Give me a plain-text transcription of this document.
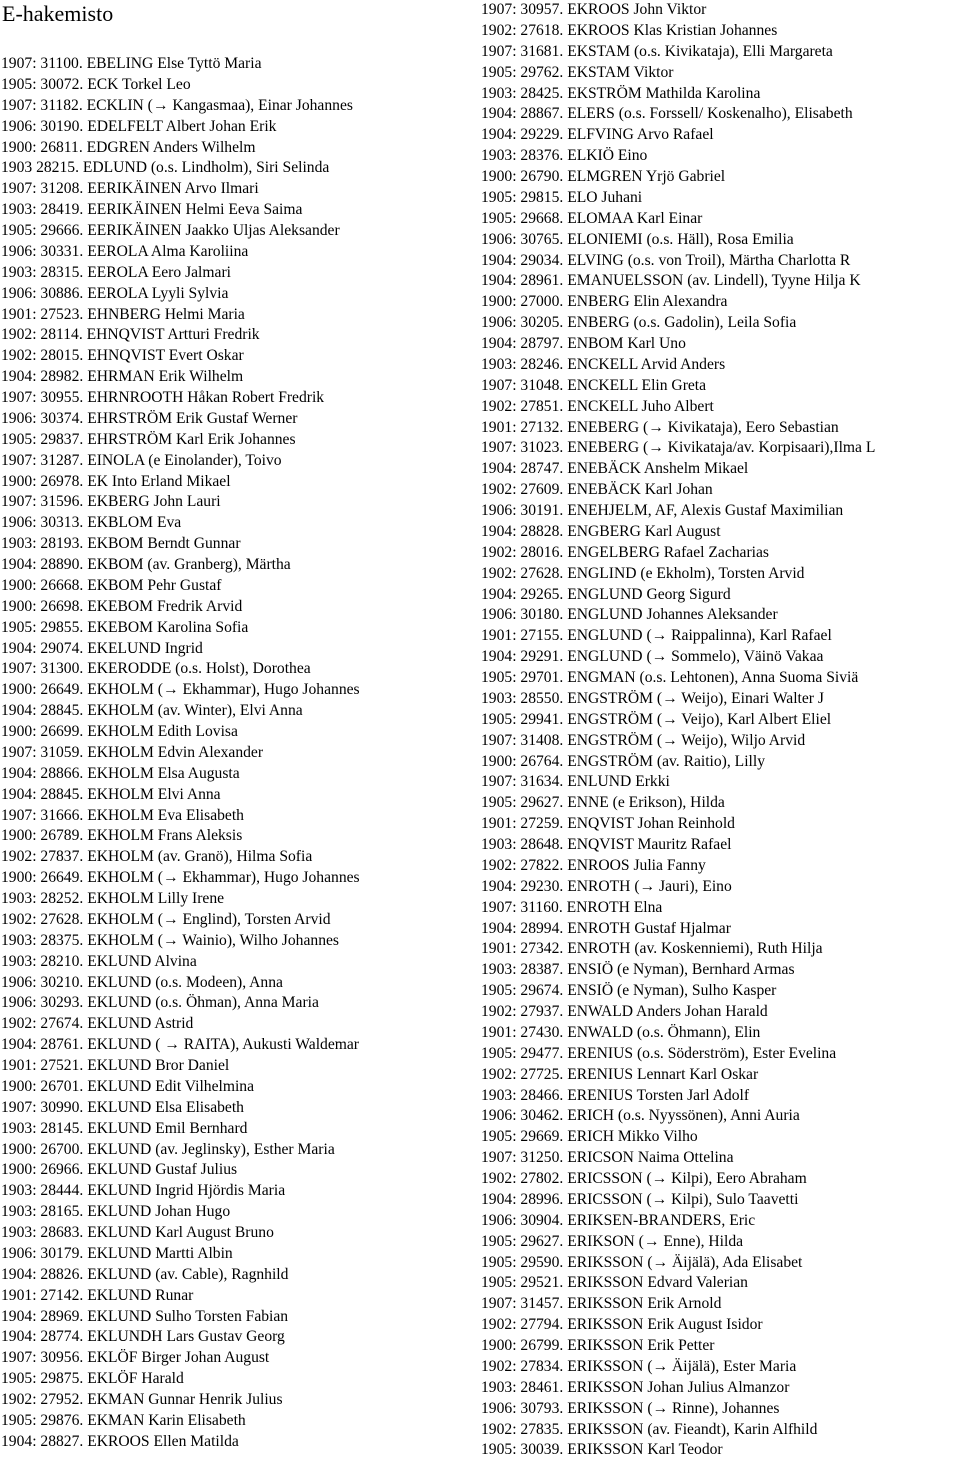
E-hakemisto
1907: 31100. EBELING Else Tyttö Maria
1905: 30072. ECK Torkel Leo
1907: 31182. ECKLIN (→ Kangasmaa), Einar Johannes
1906: 30190. EDELFELT Albert Johan Erik
1900: 26811. EDGREN Anders Wilhelm
1903 28215. EDLUND (o.s. Lindholm), Siri Selinda
1907: 31208. EERIKÄINEN Arvo Ilmari
1903: 28419. EERIKÄINEN Helmi Eeva Saima
1905: 29666. EERIKÄINEN Jaakko Uljas Aleksander
1906: 30331. EEROLA Alma Karoliina
1903: 28315. EEROLA Eero Jalmari
1906: 30886. EEROLA Lyyli Sylvia
1901: 27523. EHNBERG Helmi Maria
1902: 28114. EHNQVIST Artturi Fredrik
1902: 28015. EHNQVIST Evert Oskar
1904: 28982. EHRMAN Erik Wilhelm
1907: 30955. EHRNROOTH Håkan Robert Fredrik
1906: 30374. EHRSTRÖM Erik Gustaf Werner
1905: 29837. EHRSTRÖM Karl Erik Johannes
1907: 31287. EINOLA (e Einolander), Toivo
1900: 26978. EK Into Erland Mikael
1907: 31596. EKBERG John Lauri
1906: 30313. EKBLOM Eva
1903: 28193. EKBOM Berndt Gunnar
1904: 28890. EKBOM (av. Granberg), Märtha
1900: 26668. EKBOM Pehr Gustaf
1900: 26698. EKEBOM Fredrik Arvid
1905: 29855. EKEBOM Karolina Sofia
1904: 29074. EKELUND Ingrid
1907: 31300. EKERODDE (o.s. Holst), Dorothea
1900: 26649. EKHOLM (→ Ekhammar), Hugo Johannes
1904: 28845. EKHOLM (av. Winter), Elvi Anna
1900: 26699. EKHOLM Edith Lovisa
1907: 31059. EKHOLM Edvin Alexander
1904: 28866. EKHOLM Elsa Augusta
1904: 28845. EKHOLM Elvi Anna
1907: 31666. EKHOLM Eva Elisabeth
1900: 26789. EKHOLM Frans Aleksis
1902: 27837. EKHOLM (av. Granö), Hilma Sofia
1900: 26649. EKHOLM (→ Ekhammar), Hugo Johannes
1903: 28252. EKHOLM Lilly Irene
1902: 27628. EKHOLM (→ Englind), Torsten Arvid
1903: 28375. EKHOLM (→ Wainio), Wilho Johannes
1903: 28210. EKLUND Alvina
1906: 30210. EKLUND (o.s. Modeen), Anna
1906: 30293. EKLUND (o.s. Öhman), Anna Maria
1902: 27674. EKLUND Astrid
1904: 28761. EKLUND ( → RAITA), Aukusti Waldemar
1901: 27521. EKLUND Bror Daniel
1900: 26701. EKLUND Edit Vilhelmina
1907: 30990. EKLUND Elsa Elisabeth
1903: 28145. EKLUND Emil Bernhard
1900: 26700. EKLUND (av. Jeglinsky), Esther Maria
1900: 26966. EKLUND Gustaf Julius
1903: 28444. EKLUND Ingrid Hjördis Maria
1903: 28165. EKLUND Johan Hugo
1903: 28683. EKLUND Karl August Bruno
1906: 30179. EKLUND Martti Albin
1904: 28826. EKLUND (av. Cable), Ragnhild
1901: 27142. EKLUND Runar
1904: 28969. EKLUND Sulho Torsten Fabian
1904: 28774. EKLUNDH Lars Gustav Georg
1907: 30956. EKLÖF Birger Johan August
1905: 29875. EKLÖF Harald
1902: 27952. EKMAN Gunnar Henrik Julius
1905: 29876. EKMAN Karin Elisabeth
1904: 28827. EKROOS Ellen Matilda
1907: 30957. EKROOS John Viktor
1902: 27618. EKROOS Klas Kristian Johannes
1907: 31681. EKSTAM (o.s. Kivikataja), Elli Margareta
1905: 29762. EKSTAM Viktor
1903: 28425. EKSTRÖM Mathilda Karolina
1904: 28867. ELERS (o.s. Forssell/ Koskenalho), Elisabeth
1904: 29229. ELFVING Arvo Rafael
1903: 28376. ELKIÖ Eino
1900: 26790. ELMGREN Yrjö Gabriel
1905: 29815. ELO Juhani
1905: 29668. ELOMAA Karl Einar
1906: 30765. ELONIEMI (o.s. Häll), Rosa Emilia
1904: 29034. ELVING (o.s. von Troil), Märtha Charlotta R
1904: 28961. EMANUELSSON (av. Lindell), Tyyne Hilja K
1900: 27000. ENBERG Elin Alexandra
1906: 30205. ENBERG (o.s. Gadolin), Leila Sofia
1904: 28797. ENBOM Karl Uno
1903: 28246. ENCKELL Arvid Anders
1907: 31048. ENCKELL Elin Greta
1902: 27851. ENCKELL Juho Albert
1901: 27132. ENEBERG (→ Kivikataja), Eero Sebastian
1907: 31023. ENEBERG (→ Kivikataja/av. Korpisaari),Ilma L
1904: 28747. ENEBÄCK Anshelm Mikael
1902: 27609. ENEBÄCK Karl Johan
1906: 30191. ENEHJELM, AF, Alexis Gustaf Maximilian
1904: 28828. ENGBERG Karl August
1902: 28016. ENGELBERG Rafael Zacharias
1902: 27628. ENGLIND (e Ekholm), Torsten Arvid
1904: 29265. ENGLUND Georg Sigurd
1906: 30180. ENGLUND Johannes Aleksander
1901: 27155. ENGLUND (→ Raippalinna), Karl Rafael
1904: 29291. ENGLUND (→ Sommelo), Väinö Vakaa
1905: 29701. ENGMAN (o.s. Lehtonen), Anna Suoma Siviä
1903: 28550. ENGSTRÖM (→ Weijo), Einari Walter J
1905: 29941. ENGSTRÖM (→ Veijo), Karl Albert Eliel
1907: 31408. ENGSTRÖM (→ Weijo), Wiljo Arvid
1900: 26764. ENGSTRÖM (av. Raitio), Lilly
1907: 31634. ENLUND Erkki
1905: 29627. ENNE (e Erikson), Hilda
1901: 27259. ENQVIST Johan Reinhold
1903: 28648. ENQVIST Mauritz Rafael
1902: 27822. ENROOS Julia Fanny
1904: 29230. ENROTH (→ Jauri), Eino
1907: 31160. ENROTH Elna
1904: 28994. ENROTH Gustaf Hjalmar
1901: 27342. ENROTH (av. Koskenniemi), Ruth Hilja
1903: 28387. ENSIÖ (e Nyman), Bernhard Armas
1905: 29674. ENSIÖ (e Nyman), Sulho Kasper
1902: 27937. ENWALD Anders Johan Harald
1901: 27430. ENWALD (o.s. Öhmann), Elin
1905: 29477. ERENIUS (o.s. Söderström), Ester Evelina
1902: 27725. ERENIUS Lennart Karl Oskar
1903: 28466. ERENIUS Torsten Jarl Adolf
1906: 30462. ERICH (o.s. Nyyssönen), Anni Auria
1905: 29669. ERICH Mikko Vilho
1907: 31250. ERICSON Naima Ottelina
1902: 27802. ERICSSON (→ Kilpi), Eero Abraham
1904: 28996. ERICSSON (→ Kilpi), Sulo Taavetti
1906: 30904. ERIKSEN-BRANDERS, Eric
1905: 29627. ERIKSON (→ Enne), Hilda
1905: 29590. ERIKSSON (→ Äijälä), Ada Elisabet
1905: 29521. ERIKSSON Edvard Valerian
1907: 31457. ERIKSSON Erik Arnold
1902: 27794. ERIKSSON Erik August Isidor
1900: 26799. ERIKSSON Erik Petter
1902: 27834. ERIKSSON (→ Äijälä), Ester Maria
1903: 28461. ERIKSSON Johan Julius Almanzor
1906: 30793. ERIKSSON (→ Rinne), Johannes
1902: 27835. ERIKSSON (av. Fieandt), Karin Alfhild
1905: 30039. ERIKSSON Karl Teodor
